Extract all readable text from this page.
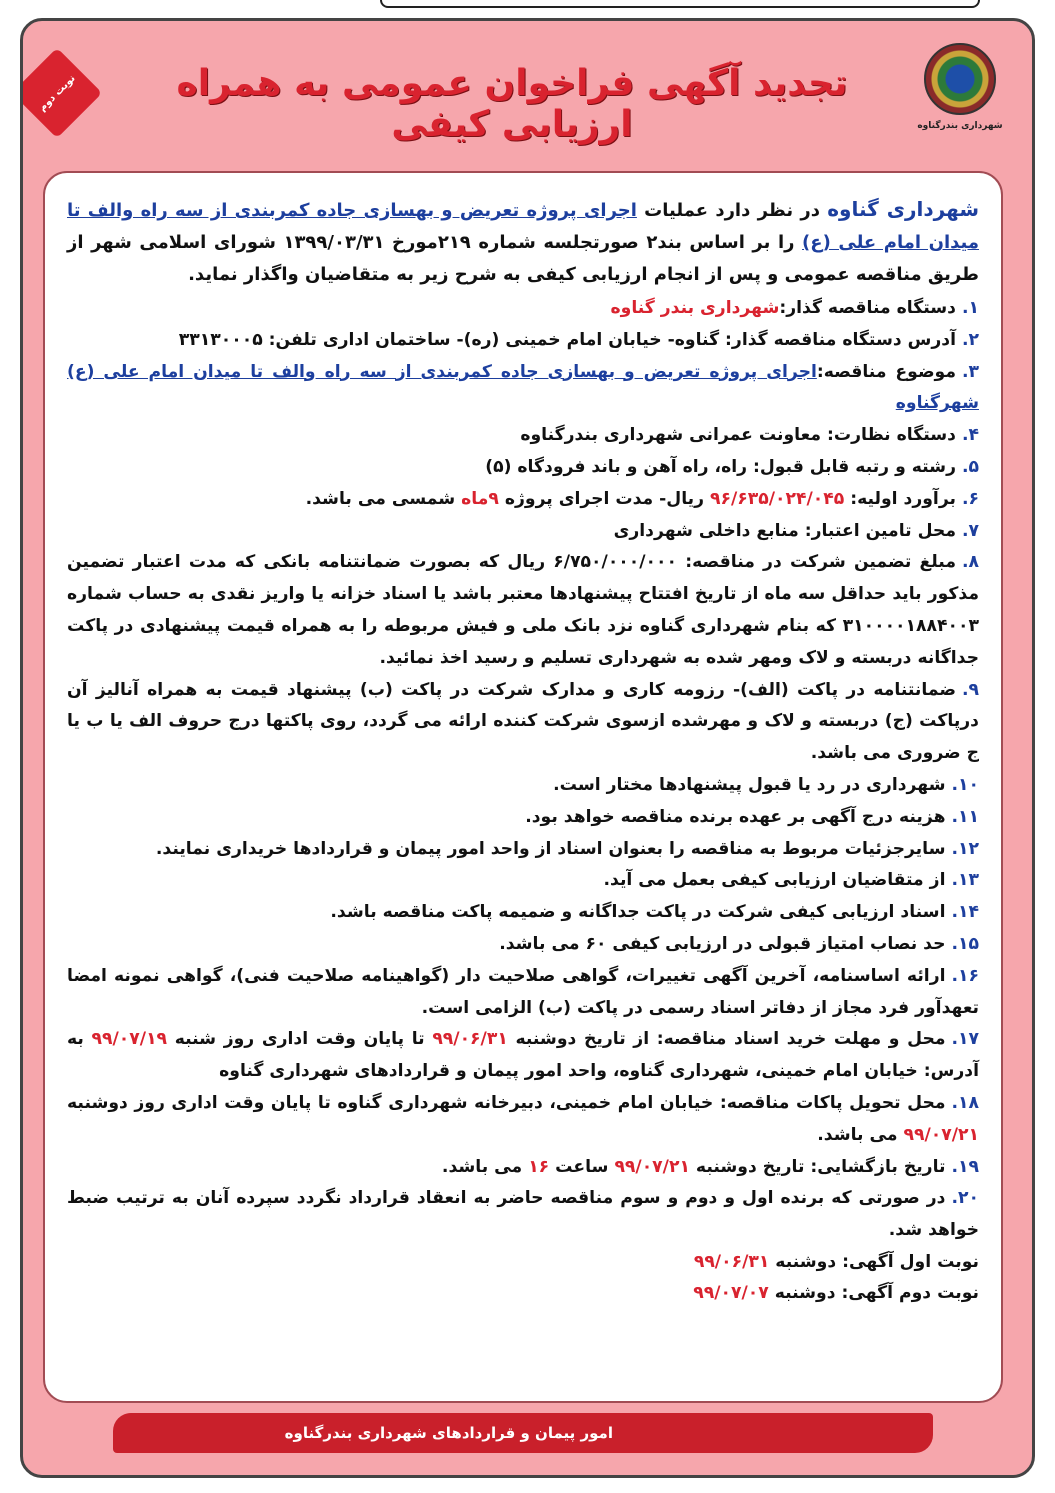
شهرداری بندرگناوه
تجدید آگهی فراخوان عمومی به همراه ارزیابی کیفی
نوبت دوم

شهرداری گناوه در نظر دارد عملیات اجرای پروژه تعریض و بهسازی جاده کمربندی از سه راه والف تا میدان امام علی (ع) را بر اساس بند۲ صورتجلسه شماره ۲۱۹مورخ ۱۳۹۹/۰۳/۳۱ شورای اسلامی شهر از طریق مناقصه عمومی و پس از انجام ارزیابی کیفی به شرح زیر به متقاضیان واگذار نماید.

۱.دستگاه مناقصه گذار:شهرداری بندر گناوه
۲.آدرس دستگاه مناقصه گذار: گناوه- خیابان امام خمینی (ره)- ساختمان اداری تلفن: ۳۳۱۳۰۰۰۵
۳.موضوع مناقصه:اجرای پروژه تعریض و بهسازی جاده کمربندی از سه راه والف تا میدان امام علی (ع) شهرگناوه
۴.دستگاه نظارت: معاونت عمرانی شهرداری بندرگناوه
۵.رشته و رتبه قابل قبول: راه، راه آهن و باند فرودگاه (۵)
۶.برآورد اولیه: ۹۶/۶۳۵/۰۲۴/۰۴۵ ریال- مدت اجرای پروژه ۹ماه شمسی می باشد.
۷.محل تامین اعتبار: منابع داخلی شهرداری
۸.مبلغ تضمین شرکت در مناقصه: ۶/۷۵۰/۰۰۰/۰۰۰ ریال که بصورت ضمانتنامه بانکی که مدت اعتبار تضمین مذکور باید حداقل سه ماه از تاریخ افتتاح پیشنهادها معتبر باشد یا اسناد خزانه یا واریز نقدی به حساب شماره ۳۱۰۰۰۰۱۸۸۴۰۰۳ که بنام شهرداری گناوه نزد بانک ملی و فیش مربوطه را به همراه قیمت پیشنهادی در پاکت جداگانه دربسته و لاک ومهر شده به شهرداری تسلیم و رسید اخذ نمائید.
۹.ضمانتنامه در پاکت (الف)- رزومه کاری و مدارک شرکت در پاکت (ب) پیشنهاد قیمت به همراه آنالیز آن درپاکت (ج) دربسته و لاک و مهرشده ازسوی شرکت کننده ارائه می گردد، روی پاکتها درج حروف الف یا ب یا ج ضروری می باشد.
۱۰.شهرداری در رد یا قبول پیشنهادها مختار است.
۱۱.هزینه درج آگهی بر عهده برنده مناقصه خواهد بود.
۱۲.سایرجزئیات مربوط به مناقصه را بعنوان اسناد از واحد امور پیمان و قراردادها خریداری نمایند.
۱۳.از متقاضیان ارزیابی کیفی بعمل می آید.
۱۴.اسناد ارزیابی کیفی شرکت در پاکت جداگانه و ضمیمه پاکت مناقصه باشد.
۱۵.حد نصاب امتیاز قبولی در ارزیابی کیفی ۶۰ می باشد.
۱۶.ارائه اساسنامه، آخرین آگهی تغییرات، گواهی صلاحیت دار (گواهینامه صلاحیت فنی)، گواهی نمونه امضا تعهدآور فرد مجاز از دفاتر اسناد رسمی در پاکت (ب) الزامی است.
۱۷.محل و مهلت خرید اسناد مناقصه: از تاریخ دوشنبه ۹۹/۰۶/۳۱ تا پایان وقت اداری روز شنبه ۹۹/۰۷/۱۹ به آدرس: خیابان امام خمینی، شهرداری گناوه، واحد امور پیمان و قراردادهای شهرداری گناوه
۱۸.محل تحویل پاکات مناقصه: خیابان امام خمینی، دبیرخانه شهرداری گناوه تا پایان وقت اداری روز دوشنبه ۹۹/۰۷/۲۱ می باشد.
۱۹.تاریخ بازگشایی: تاریخ دوشنبه ۹۹/۰۷/۲۱ ساعت ۱۶ می باشد.
۲۰.در صورتی که برنده اول و دوم و سوم مناقصه حاضر به انعقاد قرارداد نگردد سپرده آنان به ترتیب ضبط خواهد شد.

نوبت اول آگهی: دوشنبه ۹۹/۰۶/۳۱

نوبت دوم آگهی: دوشنبه ۹۹/۰۷/۰۷

امور پیمان و قراردادهای شهرداری بندرگناوه
